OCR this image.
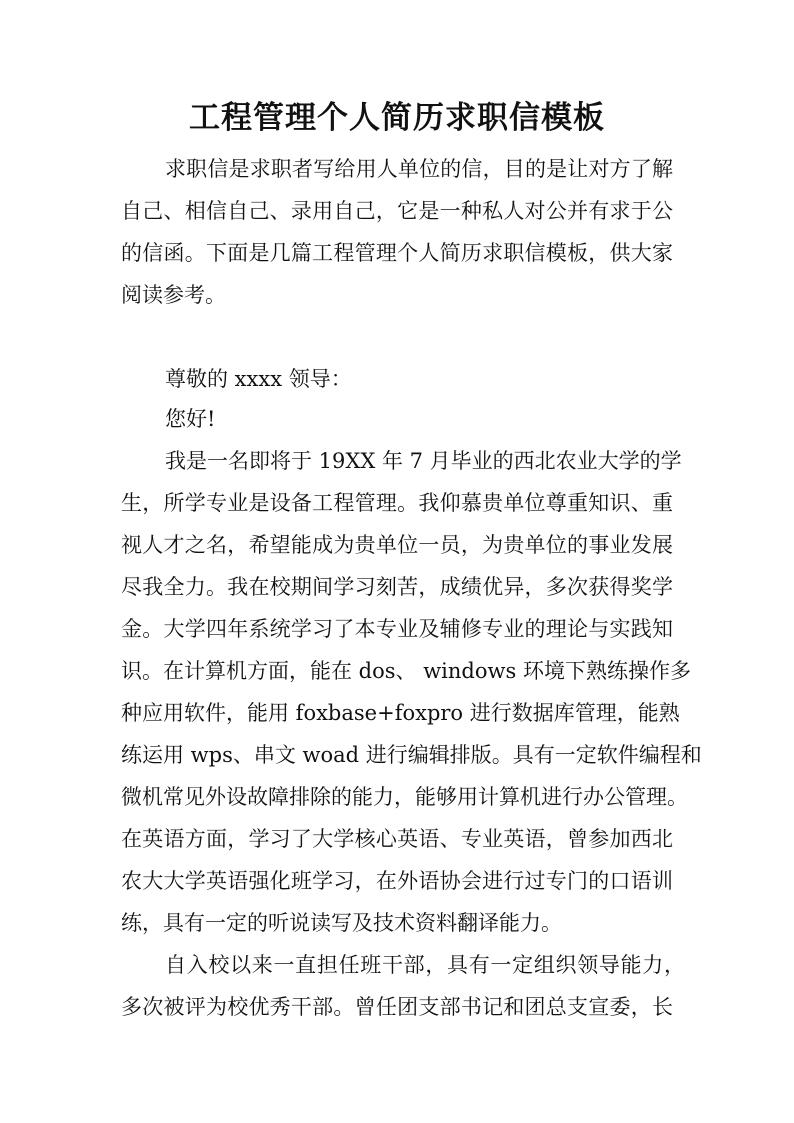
工程管理个人简历求职信模板

求职信是求职者写给用人单位的信，目的是让对方了解

自己、相信自己、录用自己，它是一种私人对公并有求于公

的信函。下面是几篇工程管理个人简历求职信模板，供大家

阅读参考。

尊敬的 xxxx 领导：

您好!

我是一名即将于 19XX 年 7 月毕业的西北农业大学的学

生，所学专业是设备工程管理。我仰慕贵单位尊重知识、重

视人才之名，希望能成为贵单位一员，为贵单位的事业发展

尽我全力。我在校期间学习刻苦，成绩优异，多次获得奖学

金。大学四年系统学习了本专业及辅修专业的理论与实践知

识。在计算机方面，能在 dos、 windows 环境下熟练操作多

种应用软件，能用 foxbase+foxpro 进行数据库管理，能熟

练运用 wps、串文 woad 进行编辑排版。具有一定软件编程和

微机常见外设故障排除的能力，能够用计算机进行办公管理。

在英语方面，学习了大学核心英语、专业英语，曾参加西北

农大大学英语强化班学习，在外语协会进行过专门的口语训

练，具有一定的听说读写及技术资料翻译能力。

自入校以来一直担任班干部，具有一定组织领导能力，

多次被评为校优秀干部。曾任团支部书记和团总支宣委，长
